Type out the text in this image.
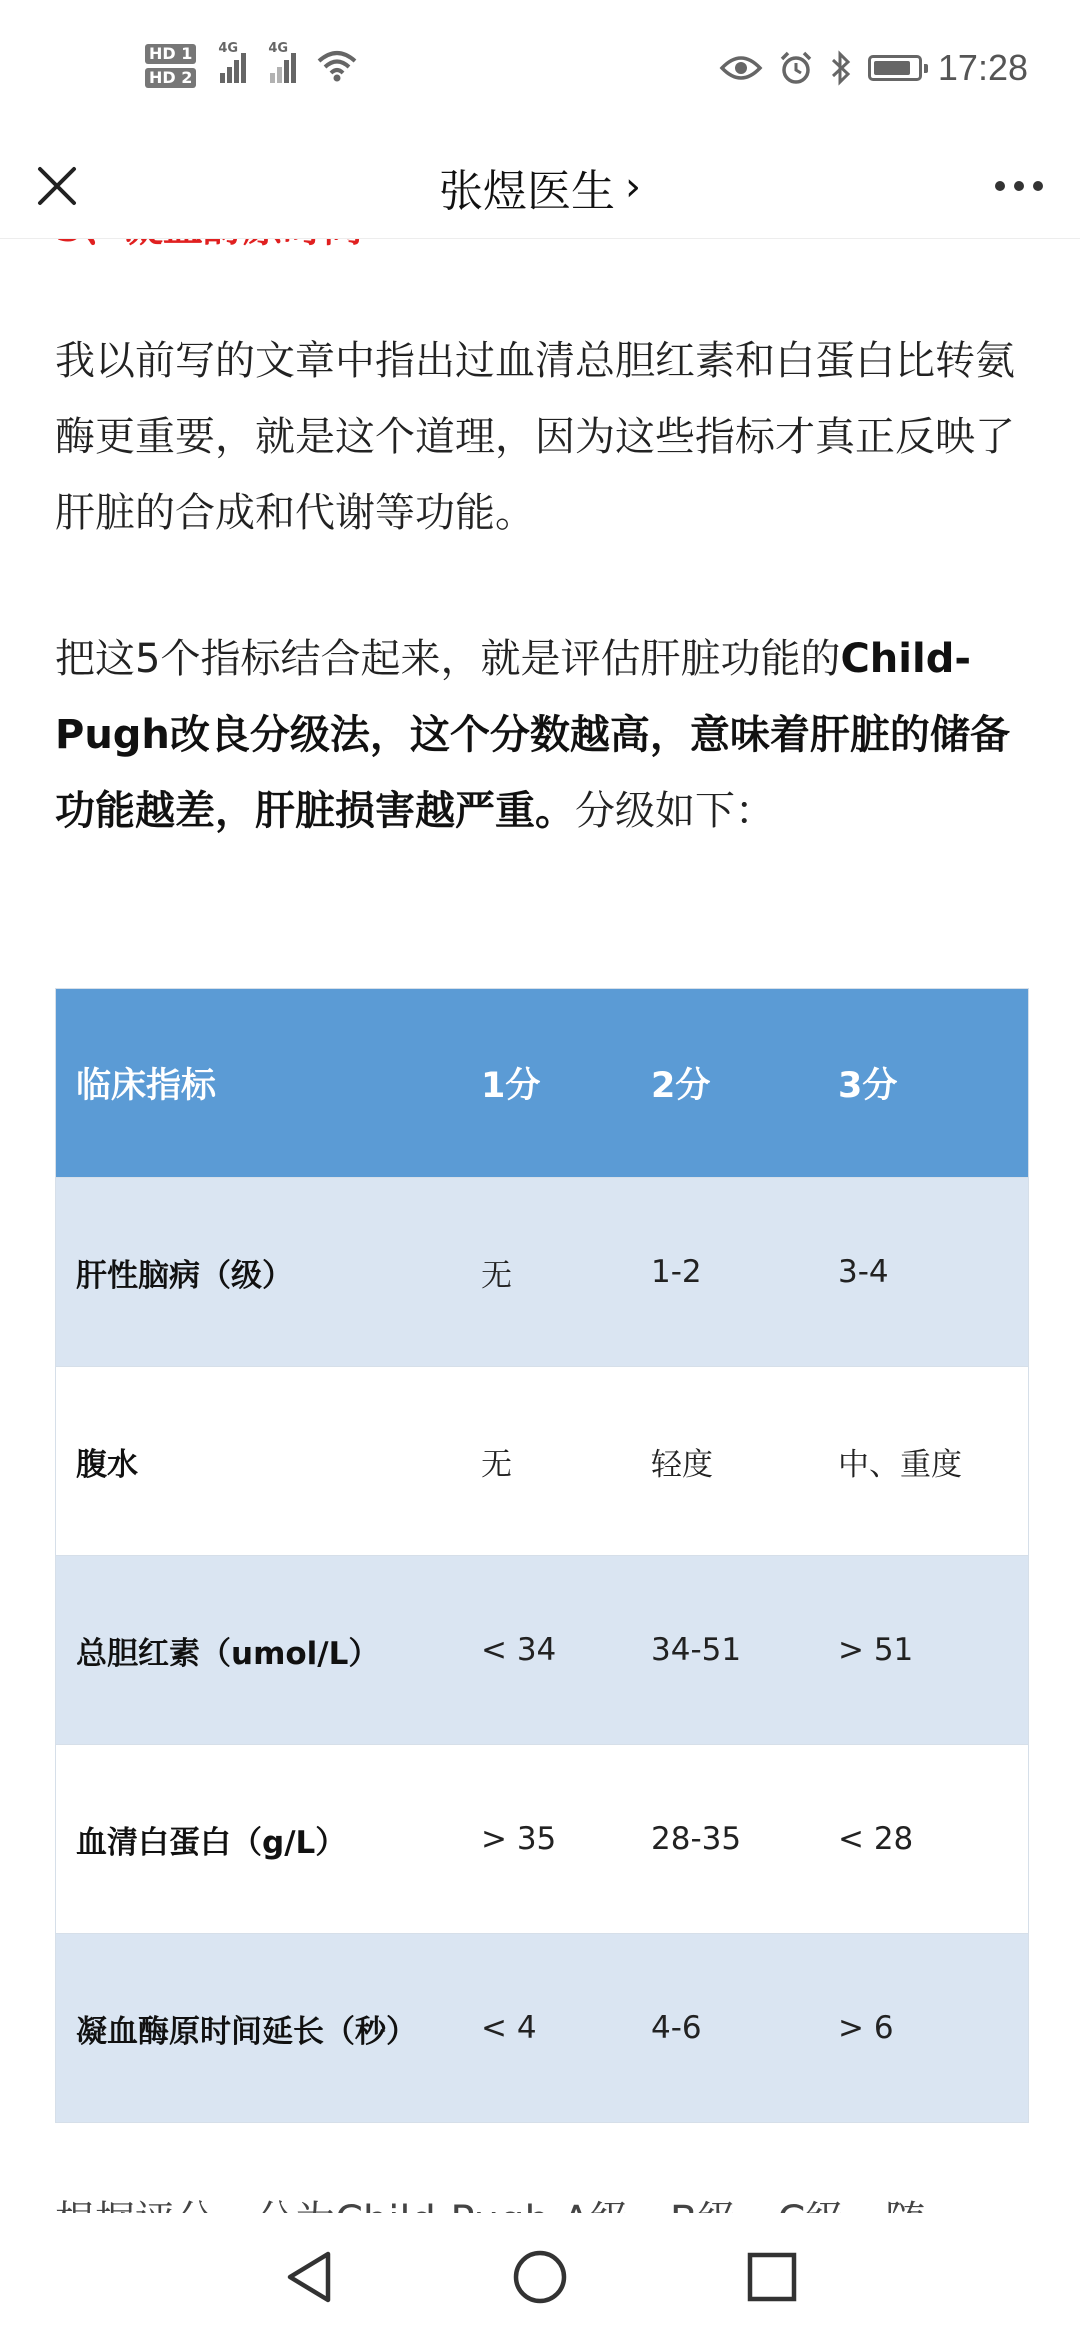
HD 1
HD 2
4G 4G	17:28
张煜医生 ›

我以前写的文章中指出过血清总胆红素和白蛋白比转氨酶更重要，就是这个道理，因为这些指标才真正反映了肝脏的合成和代谢等功能。

把这5个指标结合起来，就是评估肝脏功能的Child-Pugh改良分级法，这个分数越高，意味着肝脏的储备功能越差，肝脏损害越严重。分级如下：

临床指标	1分	2分	3分
肝性脑病（级）	无	1-2	3-4
腹水	无	轻度	中、重度
总胆红素（umol/L）	< 34	34-51	> 51
血清白蛋白（g/L）	> 35	28-35	< 28
凝血酶原时间延长（秒）	< 4	4-6	> 6
